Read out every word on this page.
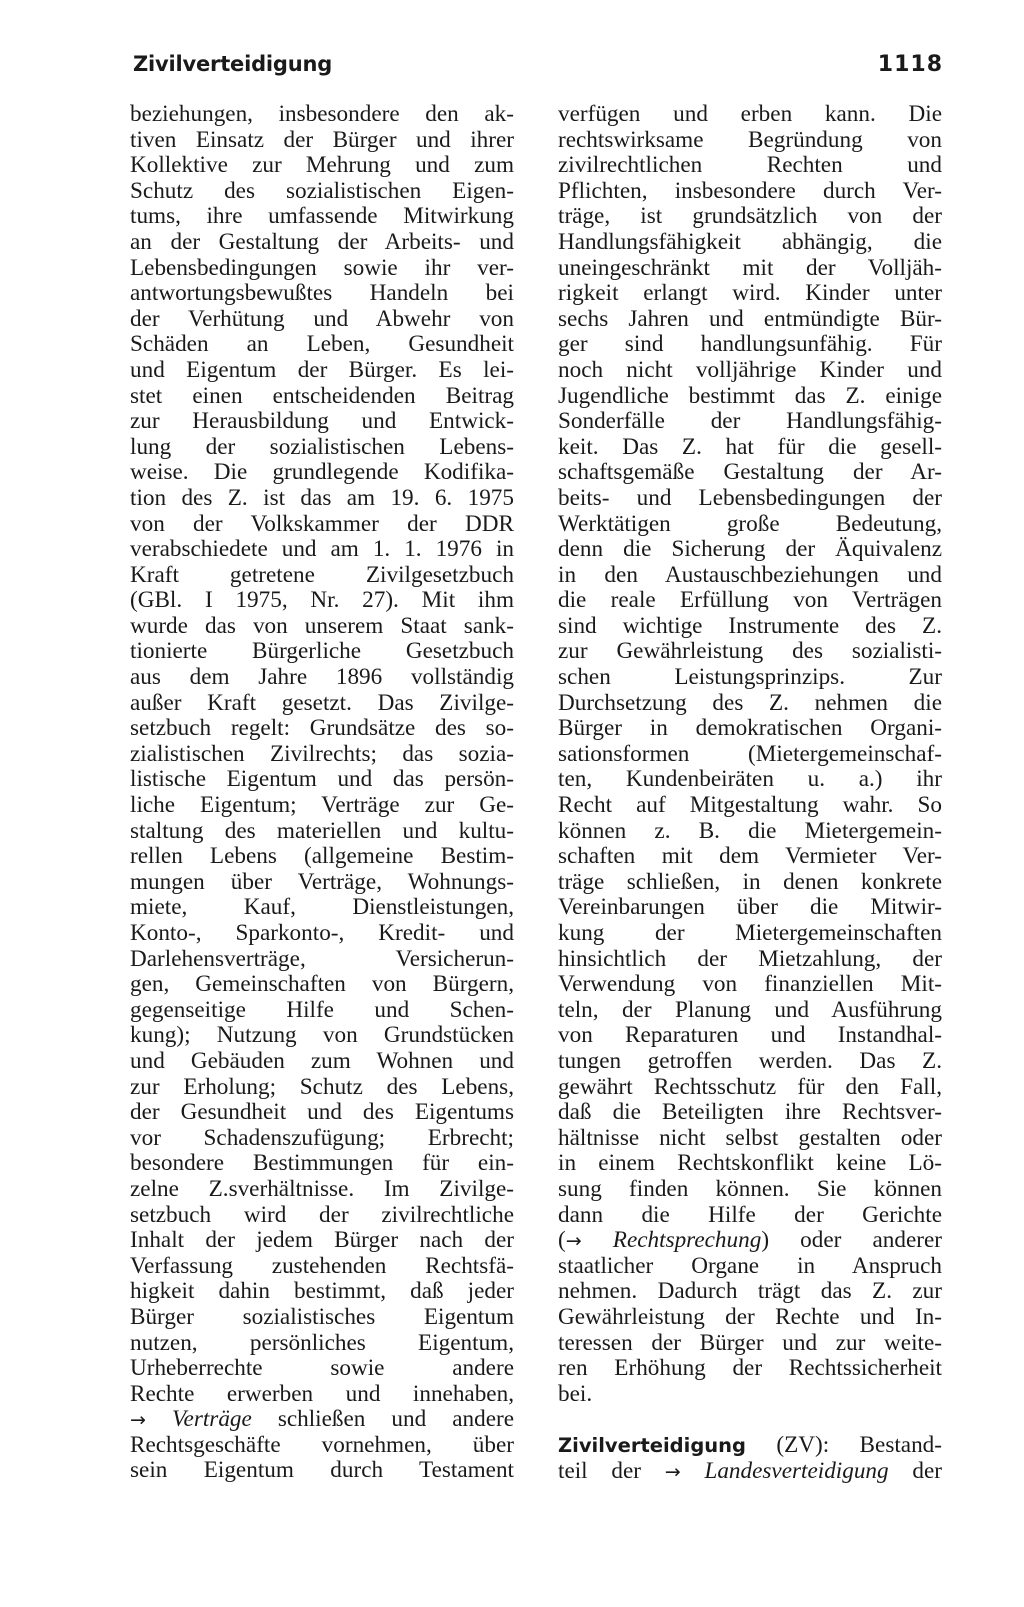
Zivilverteidigung	1118
beziehungen, insbesondere den ak-
tiven Einsatz der Bürger und ihrer
Kollektive zur Mehrung und zum
Schutz des sozialistischen Eigen-
tums, ihre umfassende Mitwirkung
an der Gestaltung der Arbeits- und
Lebensbedingungen sowie ihr ver-
antwortungsbewußtes Handeln bei
der Verhütung und Abwehr von
Schäden an Leben, Gesundheit
und Eigentum der Bürger. Es lei-
stet einen entscheidenden Beitrag
zur Herausbildung und Entwick-
lung der sozialistischen Lebens-
weise. Die grundlegende Kodifika-
tion des Z. ist das am 19. 6. 1975
von der Volkskammer der DDR
verabschiedete und am 1. 1. 1976 in
Kraft getretene Zivilgesetzbuch
(GBl. I 1975, Nr. 27). Mit ihm
wurde das von unserem Staat sank-
tionierte Bürgerliche Gesetzbuch
aus dem Jahre 1896 vollständig
außer Kraft gesetzt. Das Zivilge-
setzbuch regelt: Grundsätze des so-
zialistischen Zivilrechts; das sozia-
listische Eigentum und das persön-
liche Eigentum; Verträge zur Ge-
staltung des materiellen und kultu-
rellen Lebens (allgemeine Bestim-
mungen über Verträge, Wohnungs-
miete, Kauf, Dienstleistungen,
Konto-, Sparkonto-, Kredit- und
Darlehensverträge, Versicherun-
gen, Gemeinschaften von Bürgern,
gegenseitige Hilfe und Schen-
kung); Nutzung von Grundstücken
und Gebäuden zum Wohnen und
zur Erholung; Schutz des Lebens,
der Gesundheit und des Eigentums
vor Schadenszufügung; Erbrecht;
besondere Bestimmungen für ein-
zelne Z.sverhältnisse. Im Zivilge-
setzbuch wird der zivilrechtliche
Inhalt der jedem Bürger nach der
Verfassung zustehenden Rechtsfä-
higkeit dahin bestimmt, daß jeder
Bürger sozialistisches Eigentum
nutzen, persönliches Eigentum,
Urheberrechte sowie andere
Rechte erwerben und innehaben,
→ Verträge schließen und andere
Rechtsgeschäfte vornehmen, über
sein Eigentum durch Testament
verfügen und erben kann. Die
rechtswirksame Begründung von
zivilrechtlichen Rechten und
Pflichten, insbesondere durch Ver-
träge, ist grundsätzlich von der
Handlungsfähigkeit abhängig, die
uneingeschränkt mit der Volljäh-
rigkeit erlangt wird. Kinder unter
sechs Jahren und entmündigte Bür-
ger sind handlungsunfähig. Für
noch nicht volljährige Kinder und
Jugendliche bestimmt das Z. einige
Sonderfälle der Handlungsfähig-
keit. Das Z. hat für die gesell-
schaftsgemäße Gestaltung der Ar-
beits- und Lebensbedingungen der
Werktätigen große Bedeutung,
denn die Sicherung der Äquivalenz
in den Austauschbeziehungen und
die reale Erfüllung von Verträgen
sind wichtige Instrumente des Z.
zur Gewährleistung des sozialisti-
schen Leistungsprinzips. Zur
Durchsetzung des Z. nehmen die
Bürger in demokratischen Organi-
sationsformen (Mietergemeinschaf-
ten, Kundenbeiräten u. a.) ihr
Recht auf Mitgestaltung wahr. So
können z. B. die Mietergemein-
schaften mit dem Vermieter Ver-
träge schließen, in denen konkrete
Vereinbarungen über die Mitwir-
kung der Mietergemeinschaften
hinsichtlich der Mietzahlung, der
Verwendung von finanziellen Mit-
teln, der Planung und Ausführung
von Reparaturen und Instandhal-
tungen getroffen werden. Das Z.
gewährt Rechtsschutz für den Fall,
daß die Beteiligten ihre Rechtsver-
hältnisse nicht selbst gestalten oder
in einem Rechtskonflikt keine Lö-
sung finden können. Sie können
dann die Hilfe der Gerichte
(→ Rechtsprechung) oder anderer
staatlicher Organe in Anspruch
nehmen. Dadurch trägt das Z. zur
Gewährleistung der Rechte und In-
teressen der Bürger und zur weite-
ren Erhöhung der Rechtssicherheit
bei.
Zivilverteidigung (ZV): Bestand-
teil der → Landesverteidigung der
